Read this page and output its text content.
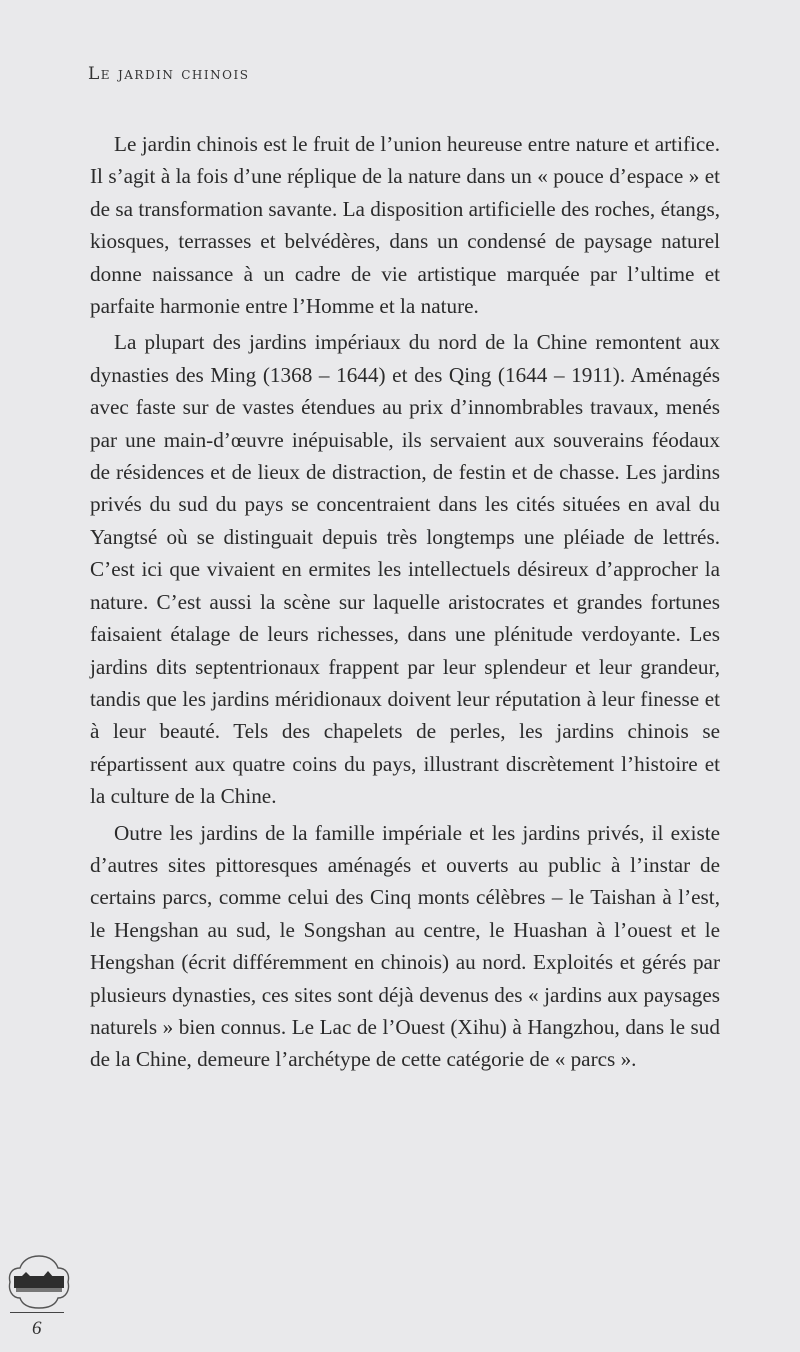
Le jardin chinois

Le jardin chinois est le fruit de l’union heureuse entre nature et artifice. Il s’agit à la fois d’une réplique de la nature dans un « pouce d’espace » et de sa transformation savante. La disposition artificielle des roches, étangs, kiosques, terrasses et belvédères, dans un condensé de paysage naturel donne naissance à un cadre de vie artistique marquée par l’ultime et parfaite harmonie entre l’Homme et la nature.

La plupart des jardins impériaux du nord de la Chine remontent aux dynasties des Ming (1368 – 1644) et des Qing (1644 – 1911). Aménagés avec faste sur de vastes étendues au prix d’innombrables travaux, menés par une main-d’œuvre inépuisable, ils servaient aux souverains féodaux de résidences et de lieux de distraction, de festin et de chasse. Les jardins privés du sud du pays se concentraient dans les cités situées en aval du Yangtsé où se distinguait depuis très longtemps une pléiade de lettrés. C’est ici que vivaient en ermites les intellectuels désireux d’approcher la nature. C’est aussi la scène sur laquelle aristocrates et grandes fortunes faisaient étalage de leurs richesses, dans une plénitude verdoyante. Les jardins dits septentrionaux frappent par leur splendeur et leur grandeur, tandis que les jardins méridionaux doivent leur réputation à leur finesse et à leur beauté. Tels des chapelets de perles, les jardins chinois se répartissent aux quatre coins du pays, illustrant discrètement l’histoire et la culture de la Chine.

Outre les jardins de la famille impériale et les jardins privés, il existe d’autres sites pittoresques aménagés et ouverts au public à l’instar de certains parcs, comme celui des Cinq monts célèbres – le Taishan à l’est, le Hengshan au sud, le Songshan au centre, le Huashan à l’ouest et le Hengshan (écrit différemment en chinois) au nord. Exploités et gérés par plusieurs dynasties, ces sites sont déjà devenus des « jardins aux paysages naturels » bien connus. Le Lac de l’Ouest (Xihu) à Hangzhou, dans le sud de la Chine, demeure l’archétype de cette catégorie de « parcs ».

6
